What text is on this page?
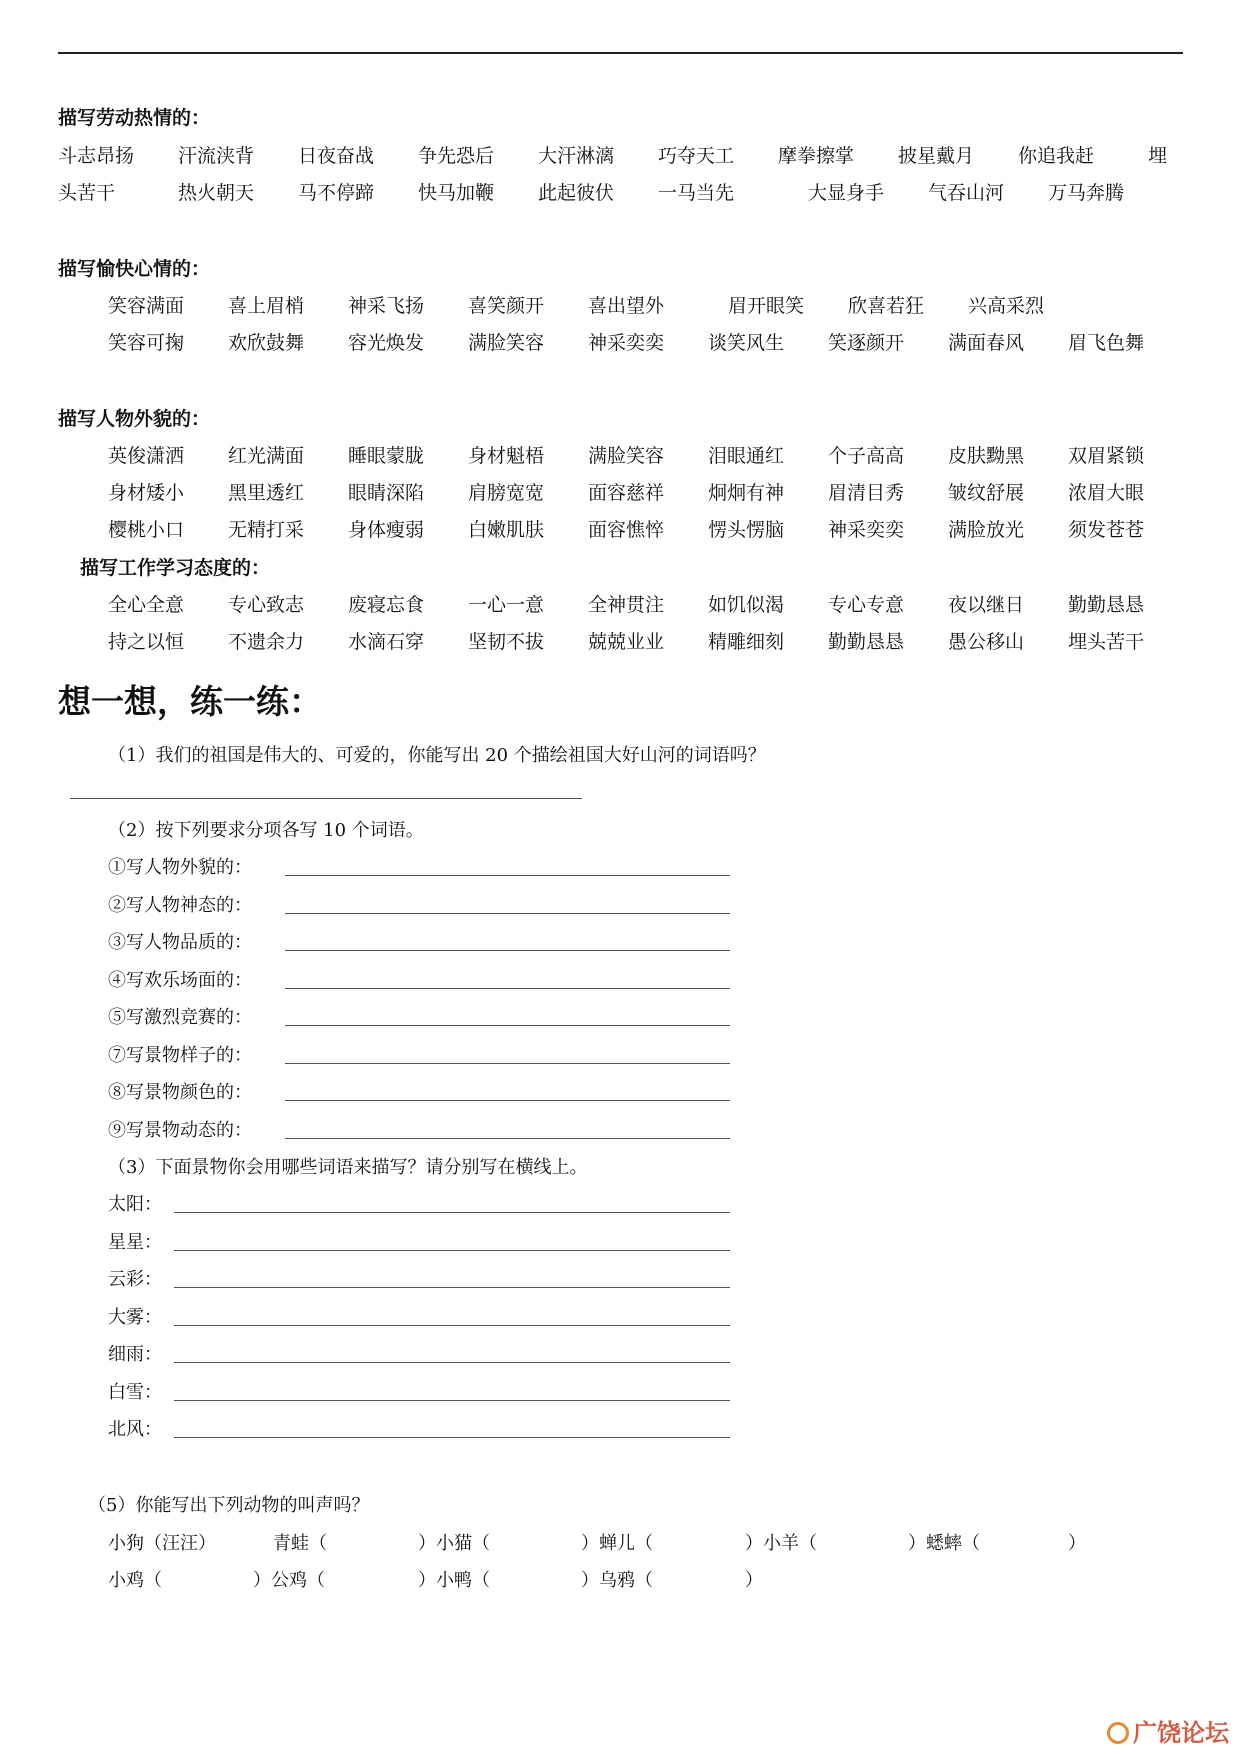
描写劳动热情的：
描写愉快心情的：
描写人物外貌的：
描写工作学习态度的：
斗志昂扬 汗流浃背 日夜奋战 争先恐后 大汗淋漓 巧夺天工 摩拳擦掌 披星戴月 你追我赶	埋
头苦干	热火朝天 马不停蹄 快马加鞭 此起彼伏 一马当先	大显身手 气吞山河 万马奔腾
笑容满面 喜上眉梢 神采飞扬 喜笑颜开 喜出望外	眉开眼笑 欣喜若狂 兴高采烈
笑容可掬 欢欣鼓舞 容光焕发 满脸笑容 神采奕奕 谈笑风生 笑逐颜开 满面春风 眉飞色舞
英俊潇洒 红光满面 睡眼蒙胧 身材魁梧 满脸笑容 泪眼通红 个子高高 皮肤黝黑 双眉紧锁
身材矮小 黑里透红 眼睛深陷 肩膀宽宽 面容慈祥 炯炯有神 眉清目秀 皱纹舒展 浓眉大眼
樱桃小口 无精打采 身体瘦弱 白嫩肌肤 面容憔悴 愣头愣脑 神采奕奕 满脸放光 须发苍苍
全心全意 专心致志 废寝忘食 一心一意 全神贯注 如饥似渴 专心专意 夜以继日 勤勤恳恳
持之以恒 不遗余力 水滴石穿 坚韧不拔 兢兢业业 精雕细刻 勤勤恳恳 愚公移山 埋头苦干
想一想，练一练：
（1）我们的祖国是伟大的、可爱的，你能写出 20 个描绘祖国大好山河的词语吗？
（2）按下列要求分项各写 10 个词语。
①写人物外貌的：
②写人物神态的：
③写人物品质的：
④写欢乐场面的：
⑤写激烈竞赛的：
⑦写景物样子的：
⑧写景物颜色的：
⑨写景物动态的：
（3）下面景物你会用哪些词语来描写？请分别写在横线上。
太阳：
星星：
云彩：
大雾：
细雨：
白雪：
北风：
（5）你能写出下列动物的叫声吗？
小狗（汪汪）	青蛙（	）小猫（	）蝉儿（	）小羊（	）蟋蟀（	）
小鸡（	）公鸡（	）小鸭（	）乌鸦（	）
广饶论坛
